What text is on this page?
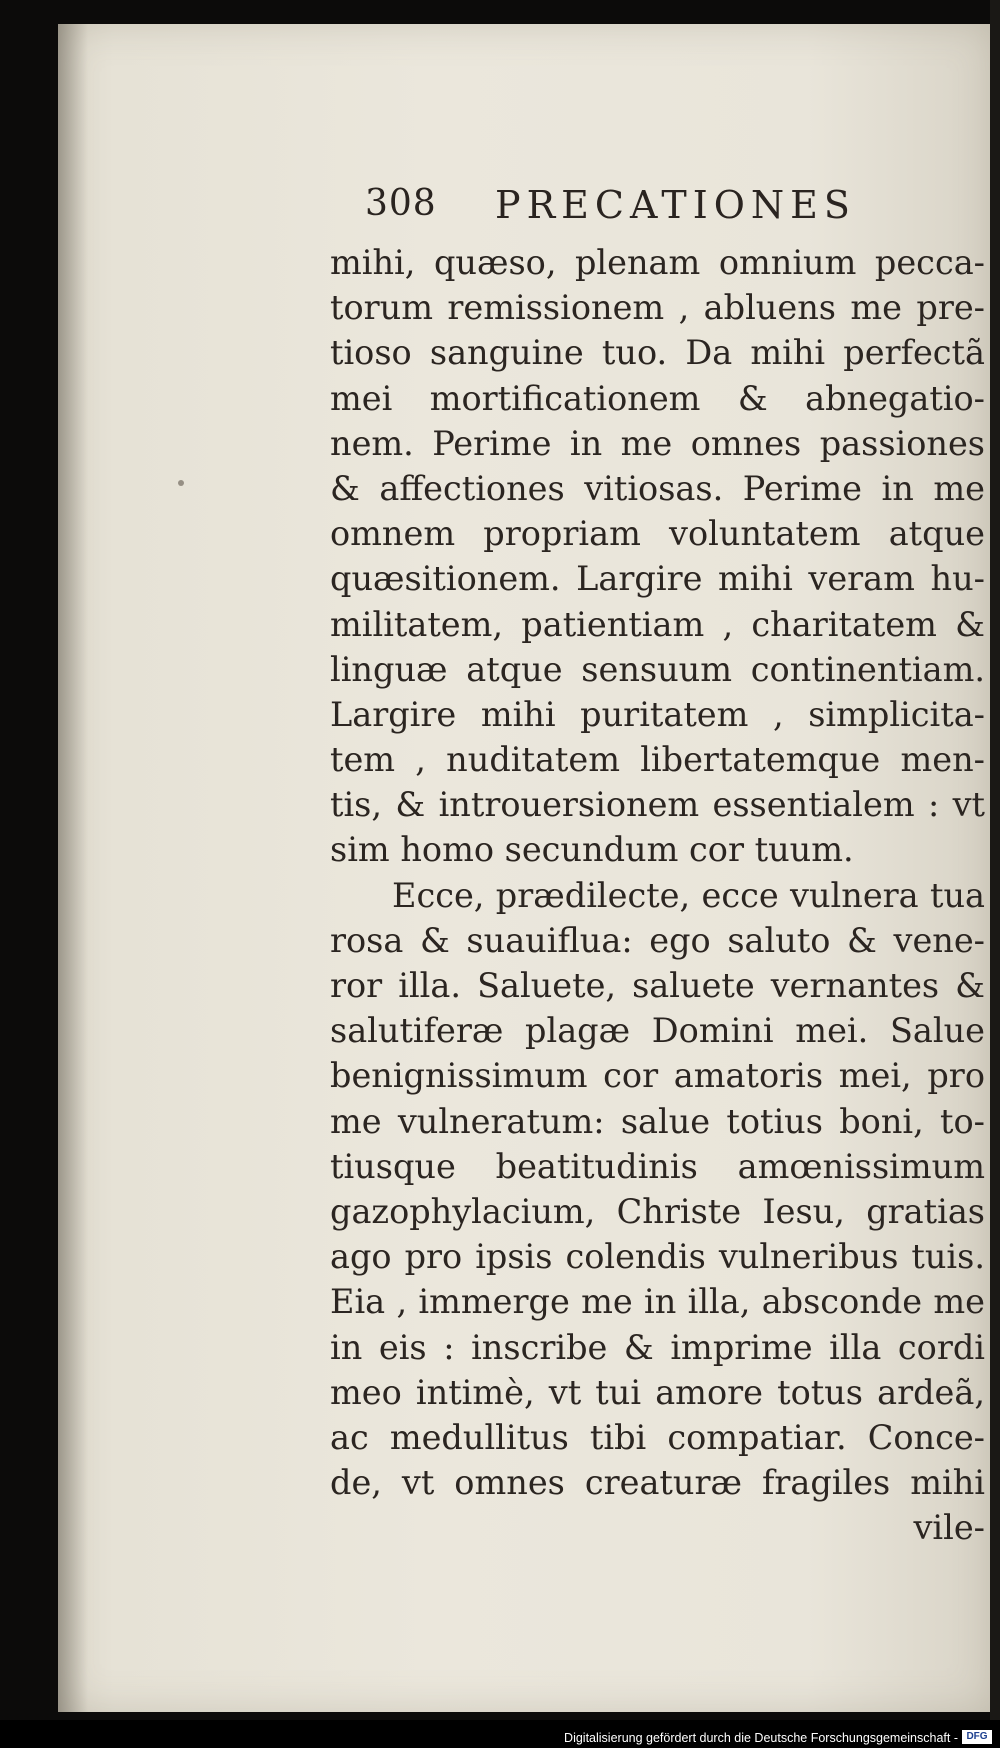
308 PRECATIONES
mihi, quæso, plenam omnium pecca-
torum remissionem , abluens me pre-
tioso sanguine tuo. Da mihi perfectã
mei mortificationem & abnegatio-
nem. Perime in me omnes passiones
& affectiones vitiosas. Perime in me
omnem propriam voluntatem atque
quæsitionem. Largire mihi veram hu-
militatem, patientiam , charitatem &
linguæ atque sensuum continentiam.
Largire mihi puritatem , simplicita-
tem , nuditatem libertatemque men-
tis, & introuersionem essentialem : vt
sim homo secundum cor tuum.
Ecce, prædilecte, ecce vulnera tua
rosa & suauiflua: ego saluto & vene-
ror illa. Saluete, saluete vernantes &
salutiferæ plagæ Domini mei. Salue
benignissimum cor amatoris mei, pro
me vulneratum: salue totius boni, to-
tiusque beatitudinis amœnissimum
gazophylacium, Christe Iesu, gratias
ago pro ipsis colendis vulneribus tuis.
Eia , immerge me in illa, absconde me
in eis : inscribe & imprime illa cordi
meo intimè, vt tui amore totus ardeã,
ac medullitus tibi compatiar. Conce-
de, vt omnes creaturæ fragiles mihi
vile-
Digitalisierung gefördert durch die Deutsche Forschungsgemeinschaft - DFG
